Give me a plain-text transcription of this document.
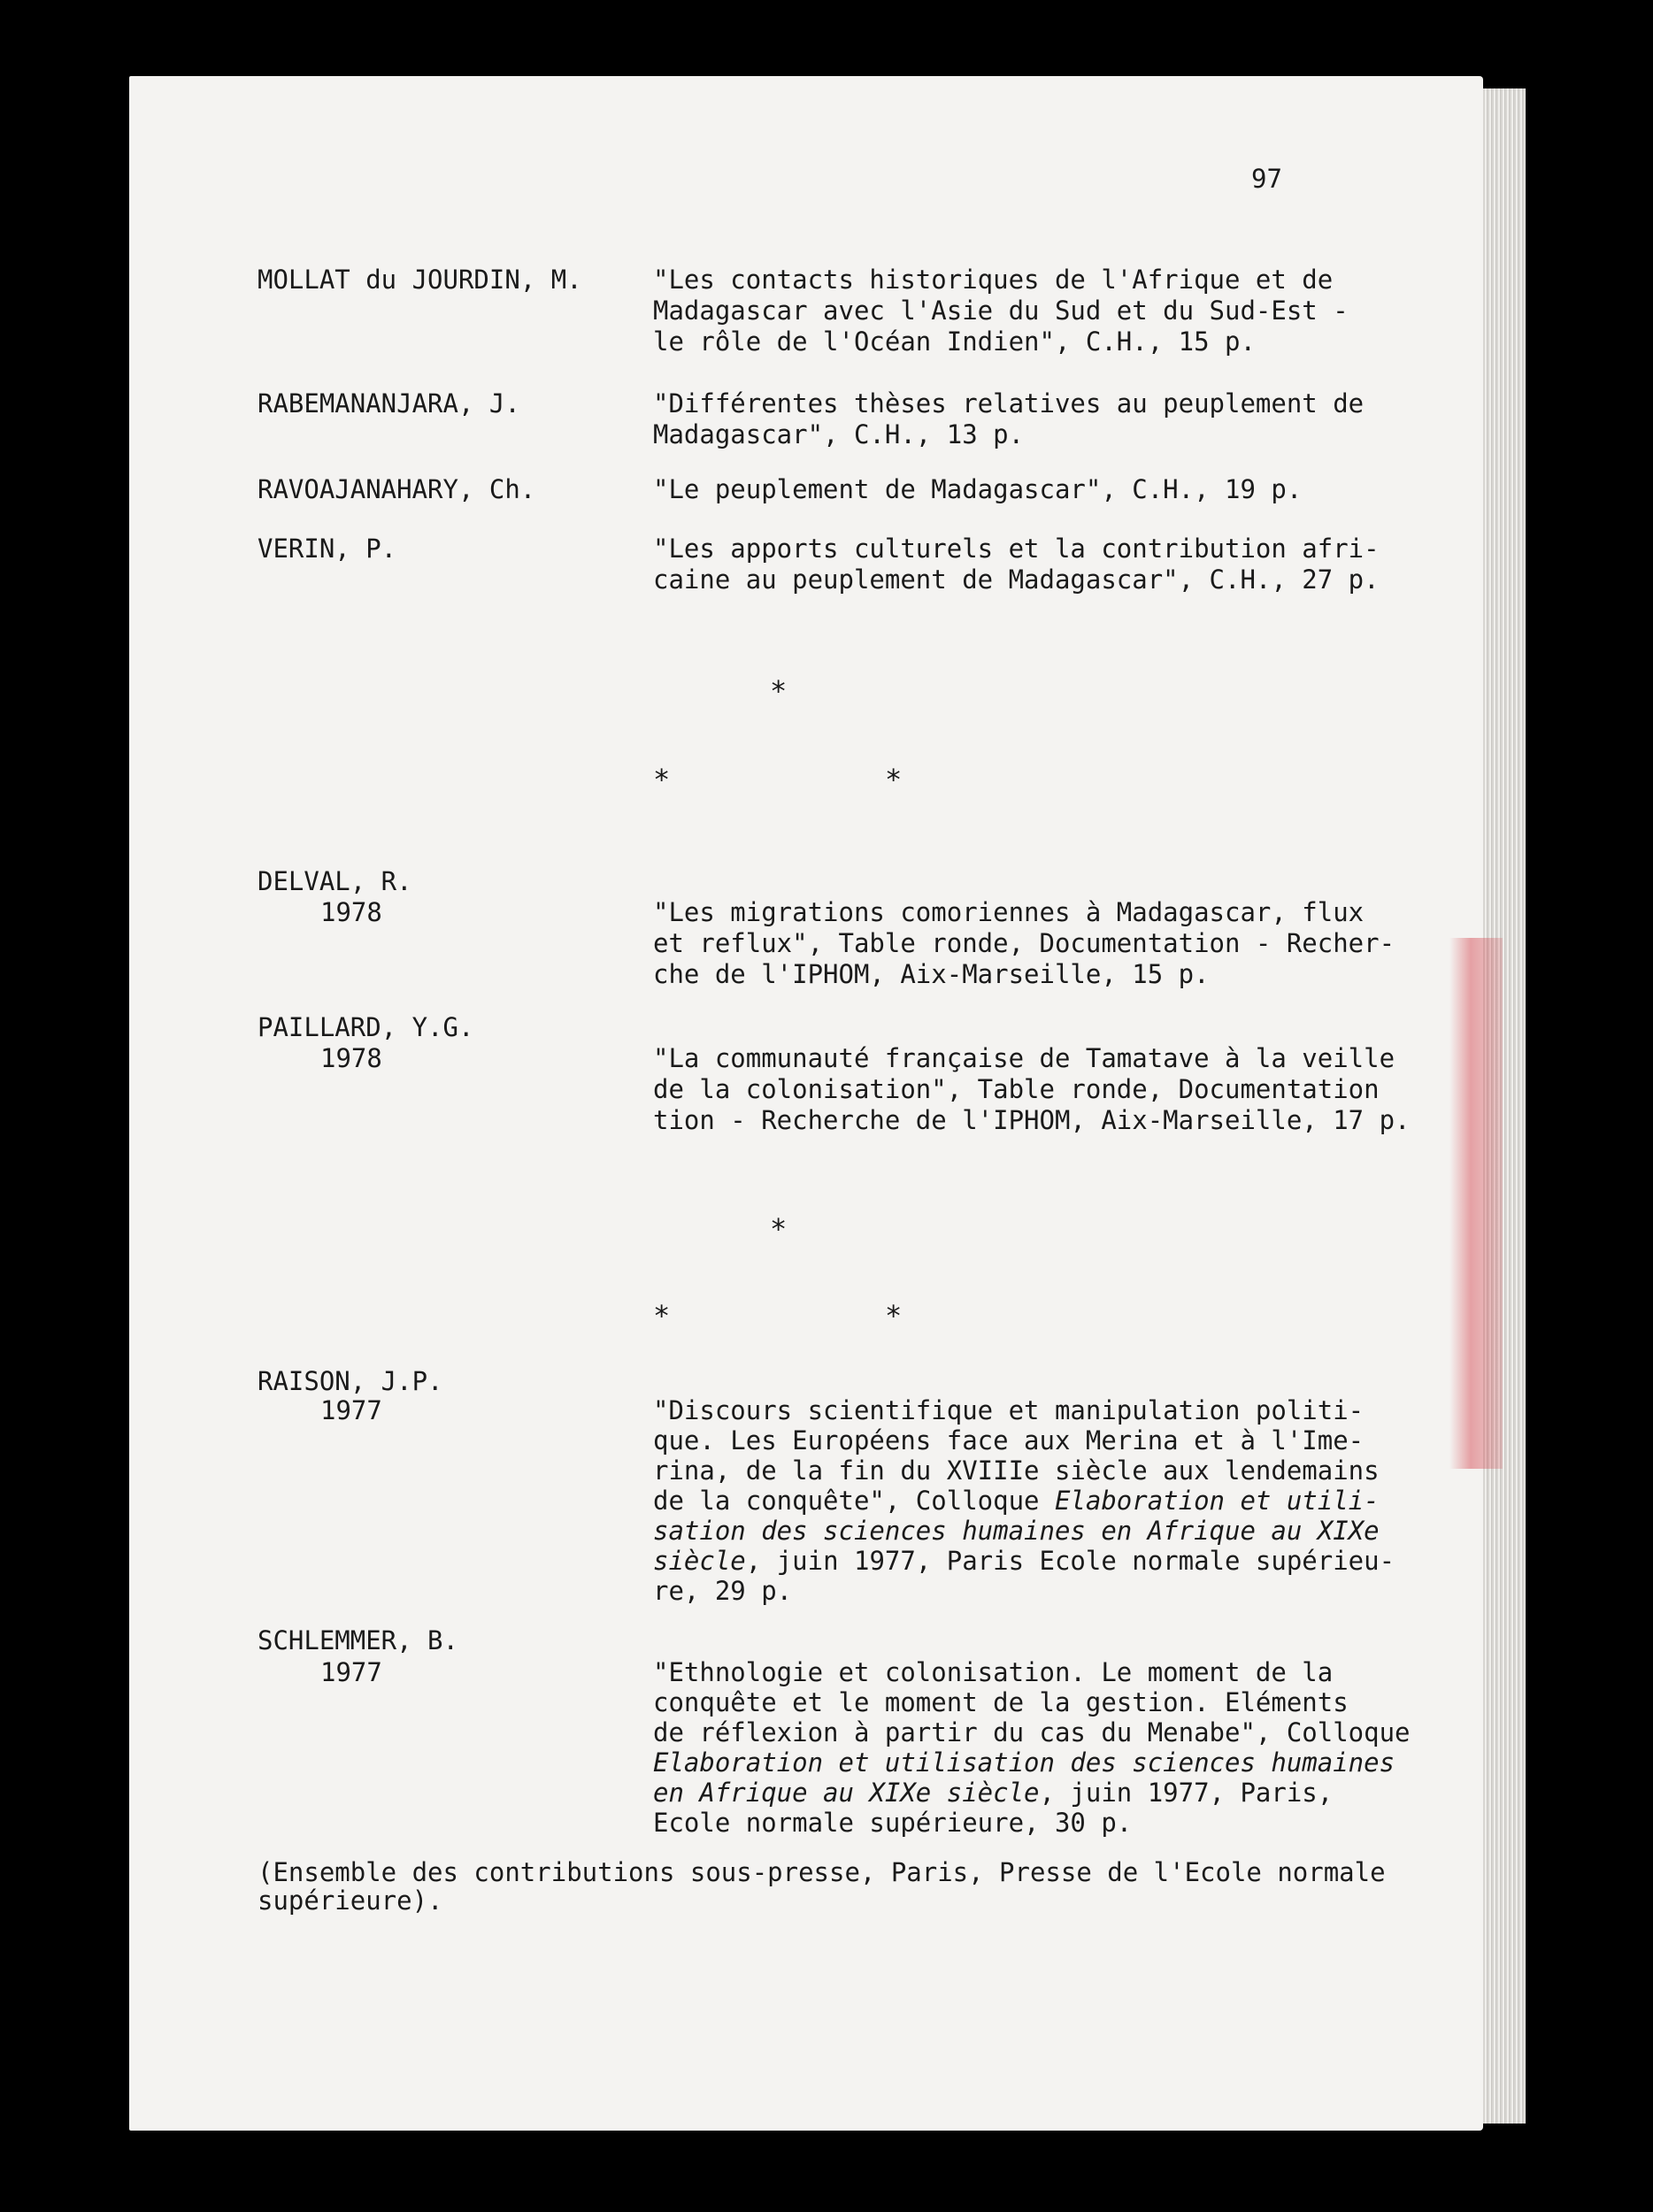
97
MOLLAT du JOURDIN, M.	"Les contacts historiques de l'Afrique et de
Madagascar avec l'Asie du Sud et du Sud-Est -
le rôle de l'Océan Indien", C.H., 15 p.
RABEMANANJARA, J.	"Différentes thèses relatives au peuplement de
Madagascar", C.H., 13 p.
RAVOAJANAHARY, Ch.	"Le peuplement de Madagascar", C.H., 19 p.
VERIN, P.	"Les apports culturels et la contribution afri-
caine au peuplement de Madagascar", C.H., 27 p.
*
*	*
DELVAL, R.
1978	"Les migrations comoriennes à Madagascar, flux
et reflux", Table ronde, Documentation - Recher-
che de l'IPHOM, Aix-Marseille, 15 p.
PAILLARD, Y.G.
1978	"La communauté française de Tamatave à la veille
de la colonisation", Table ronde, Documentation
tion - Recherche de l'IPHOM, Aix-Marseille, 17 p.
*
*	*
RAISON, J.P.
1977	"Discours scientifique et manipulation politi-
que. Les Européens face aux Merina et à l'Ime-
rina, de la fin du XVIIIe siècle aux lendemains
de la conquête", Colloque Elaboration et utili-
sation des sciences humaines en Afrique au XIXe
siècle, juin 1977, Paris Ecole normale supérieu-
re, 29 p.
SCHLEMMER, B.
1977	"Ethnologie et colonisation. Le moment de la
conquête et le moment de la gestion. Eléments
de réflexion à partir du cas du Menabe", Colloque
Elaboration et utilisation des sciences humaines
en Afrique au XIXe siècle, juin 1977, Paris,
Ecole normale supérieure, 30 p.
(Ensemble des contributions sous-presse, Paris, Presse de l'Ecole normale
supérieure).
